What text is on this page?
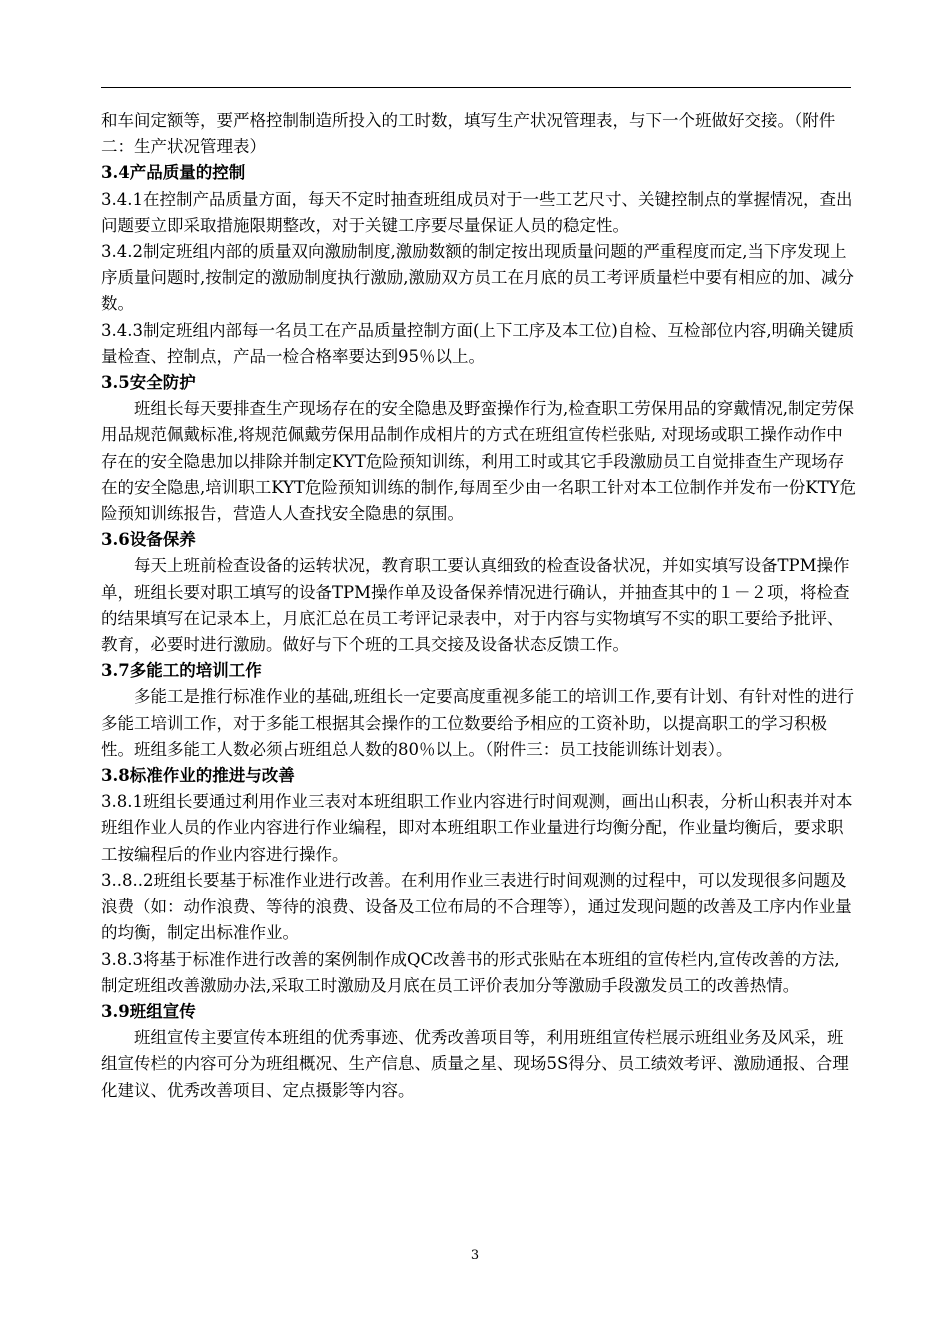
和车间定额等，要严格控制制造所投入的工时数，填写生产状况管理表，与下一个班做好交接。（附件二：生产状况管理表）

3.4产品质量的控制

3.4.1在控制产品质量方面，每天不定时抽查班组成员对于一些工艺尺寸、关键控制点的掌握情况，查出问题要立即采取措施限期整改，对于关键工序要尽量保证人员的稳定性。

3.4.2制定班组内部的质量双向激励制度,激励数额的制定按出现质量问题的严重程度而定,当下序发现上序质量问题时,按制定的激励制度执行激励,激励双方员工在月底的员工考评质量栏中要有相应的加、减分数。

3.4.3制定班组内部每一名员工在产品质量控制方面(上下工序及本工位)自检、互检部位内容,明确关键质量检查、控制点，产品一检合格率要达到95％以上。

3.5安全防护

班组长每天要排查生产现场存在的安全隐患及野蛮操作行为,检查职工劳保用品的穿戴情况,制定劳保用品规范佩戴标准,将规范佩戴劳保用品制作成相片的方式在班组宣传栏张贴, 对现场或职工操作动作中存在的安全隐患加以排除并制定KYT危险预知训练，利用工时或其它手段激励员工自觉排查生产现场存在的安全隐患,培训职工KYT危险预知训练的制作,每周至少由一名职工针对本工位制作并发布一份KTY危险预知训练报告，营造人人查找安全隐患的氛围。

3.6设备保养

每天上班前检查设备的运转状况，教育职工要认真细致的检查设备状况，并如实填写设备TPM操作单，班组长要对职工填写的设备TPM操作单及设备保养情况进行确认，并抽查其中的１－２项，将检查的结果填写在记录本上，月底汇总在员工考评记录表中，对于内容与实物填写不实的职工要给予批评、教育，必要时进行激励。做好与下个班的工具交接及设备状态反馈工作。

3.7多能工的培训工作

多能工是推行标准作业的基础,班组长一定要高度重视多能工的培训工作,要有计划、有针对性的进行多能工培训工作，对于多能工根据其会操作的工位数要给予相应的工资补助，以提高职工的学习积极性。班组多能工人数必须占班组总人数的80％以上。（附件三：员工技能训练计划表）。

3.8标准作业的推进与改善

3.8.1班组长要通过利用作业三表对本班组职工作业内容进行时间观测，画出山积表，分析山积表并对本班组作业人员的作业内容进行作业编程，即对本班组职工作业量进行均衡分配，作业量均衡后，要求职工按编程后的作业内容进行操作。

3..8..2班组长要基于标准作业进行改善。在利用作业三表进行时间观测的过程中，可以发现很多问题及浪费（如：动作浪费、等待的浪费、设备及工位布局的不合理等），通过发现问题的改善及工序内作业量的均衡，制定出标准作业。

3.8.3将基于标准作进行改善的案例制作成QC改善书的形式张贴在本班组的宣传栏内,宣传改善的方法,制定班组改善激励办法,采取工时激励及月底在员工评价表加分等激励手段激发员工的改善热情。

3.9班组宣传

班组宣传主要宣传本班组的优秀事迹、优秀改善项目等，利用班组宣传栏展示班组业务及风采，班组宣传栏的内容可分为班组概况、生产信息、质量之星、现场5S得分、员工绩效考评、激励通报、合理化建议、优秀改善项目、定点摄影等内容。

3
